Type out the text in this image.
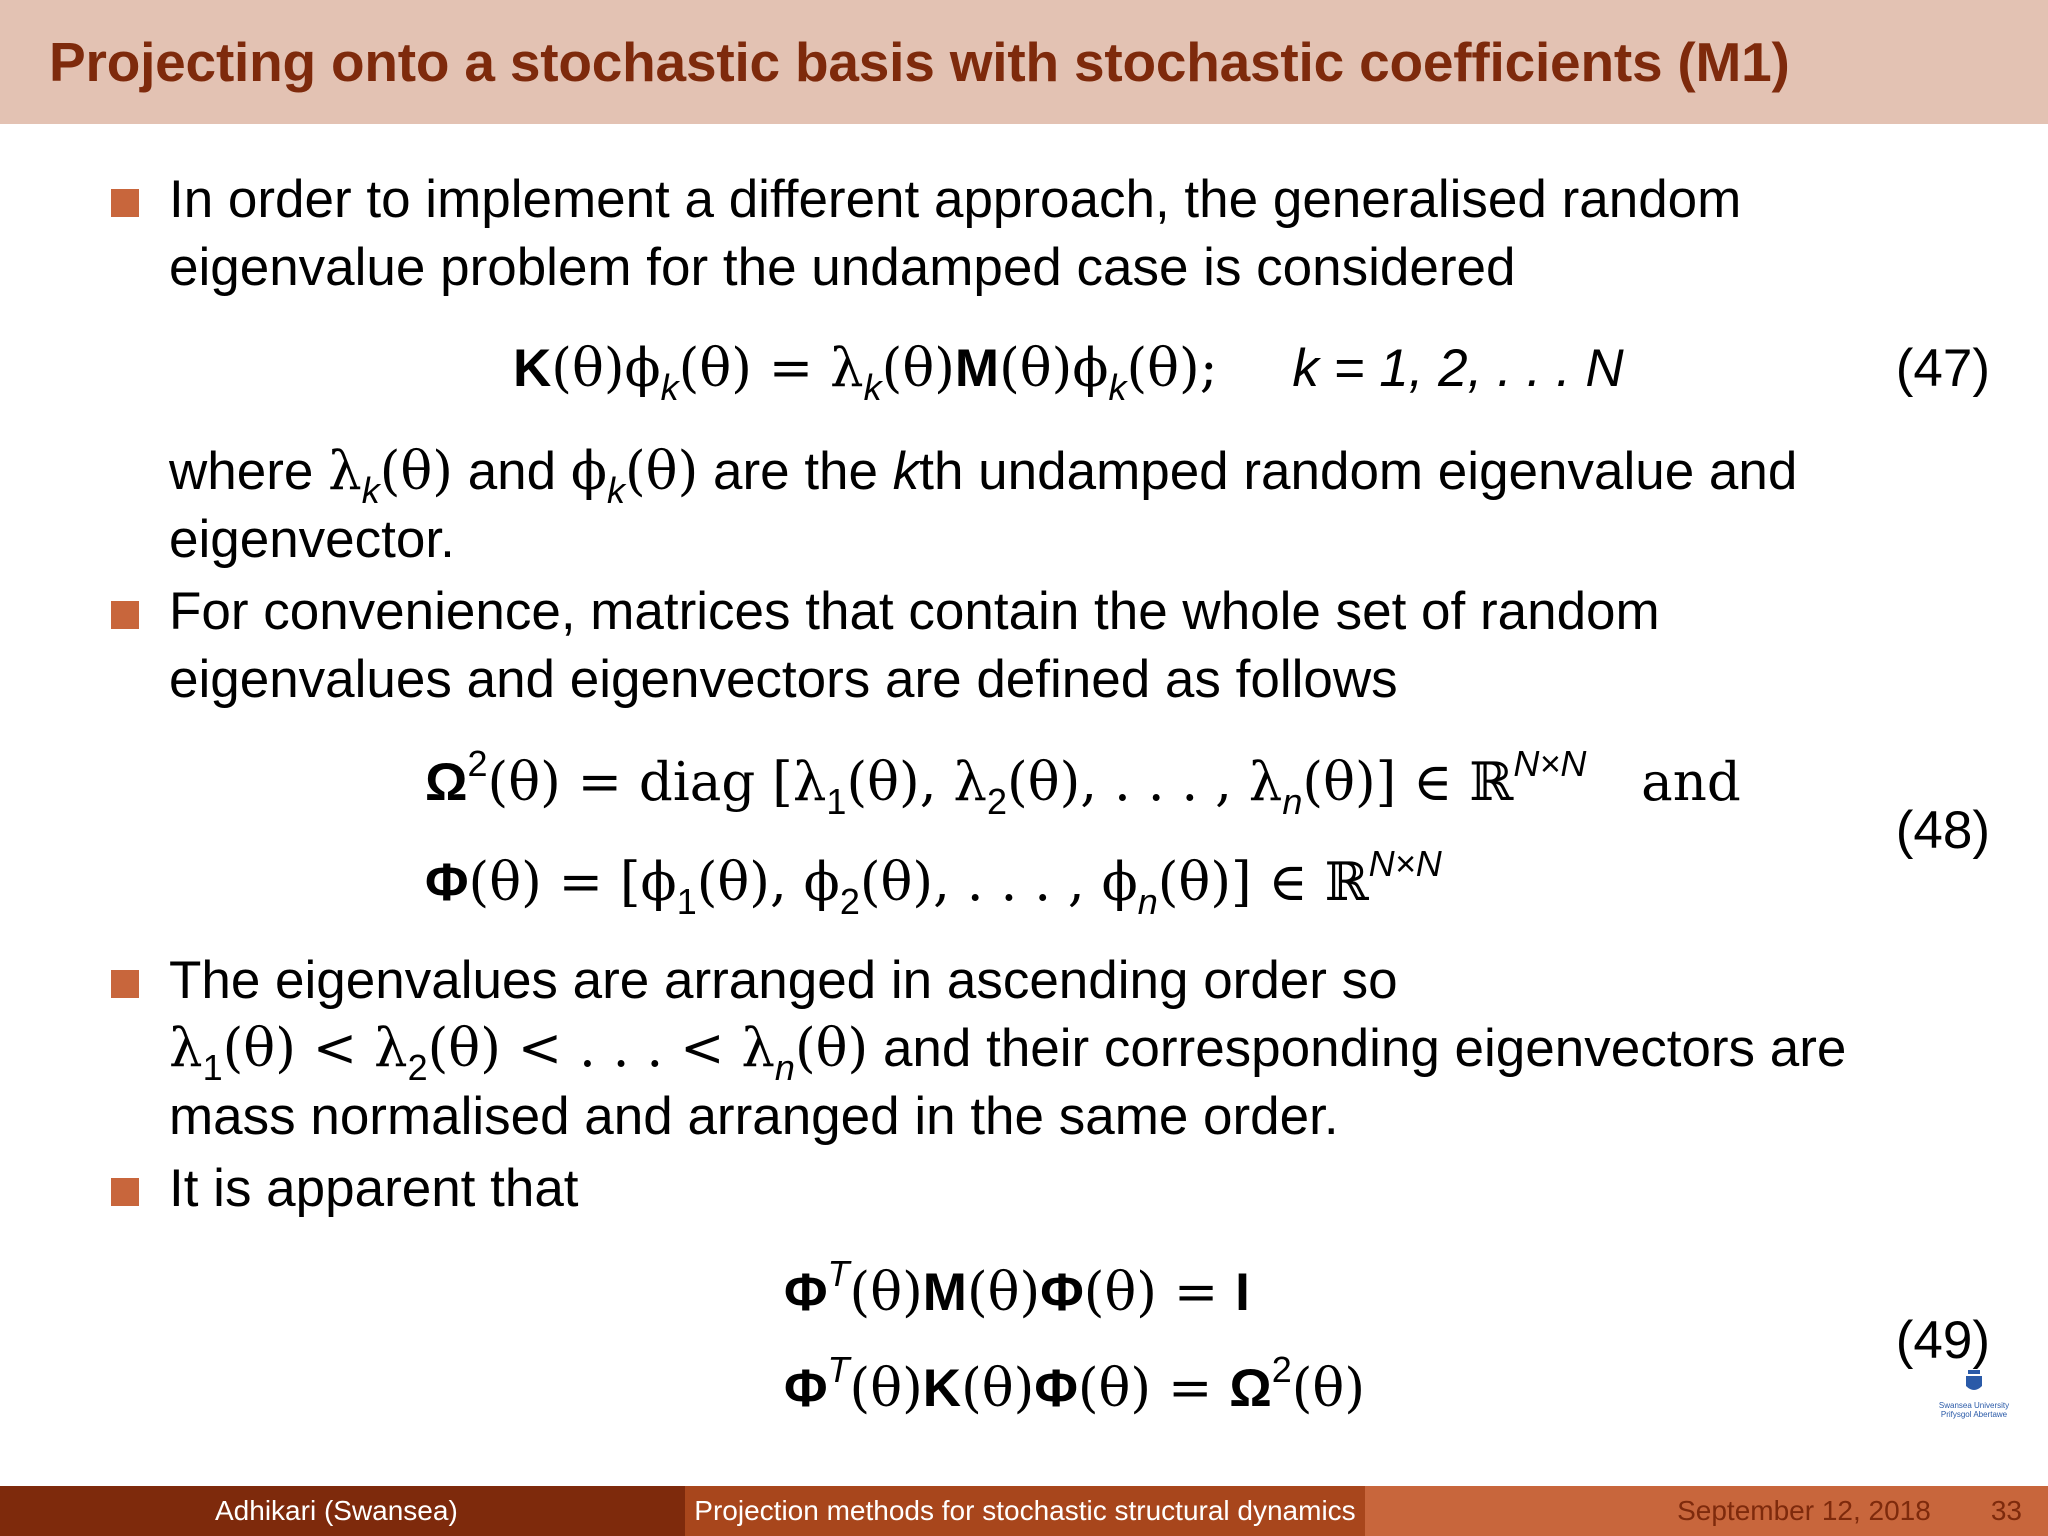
Projecting onto a stochastic basis with stochastic coefficients (M1)
In order to implement a different approach, the generalised random
eigenvalue problem for the undamped case is considered
$K(\theta)\phi_k(\theta) = \lambda_k(\theta)M(\theta)\phi_k(\theta)$; k = 1, 2, . . . N	(47)
where $\lambda_k(\theta)$ and $\phi_k(\theta)$ are the kth undamped random eigenvalue and
eigenvector.
For convenience, matrices that contain the whole set of random
eigenvalues and eigenvectors are defined as follows
$\Omega^2(\theta)$ = diag [$\lambda_1(\theta)$, $\lambda_2(\theta)$, . . . , $\lambda_n(\theta)$] ∈ ℝ$^{N\times N}$ and
$\Phi(\theta) = [\phi_1(\theta)$, $\phi_2(\theta)$, . . . , $\phi_n(\theta)$] ∈ ℝ$^{N\times N}$
(48)
The eigenvalues are arranged in ascending order so
$\lambda_1(\theta) < \lambda_2(\theta)$ < . . . < $\lambda_n(\theta)$ and their corresponding eigenvectors are
mass normalised and arranged in the same order.
It is apparent that
$\Phi^T(\theta)M(\theta)\Phi(\theta) = I$
$\Phi^T(\theta)K(\theta)\Phi(\theta) = \Omega^2(\theta)$
(49)
Swansea University
Prifysgol Abertawe
Adhikari (Swansea)	Projection methods for stochastic structural dynamics	September 12, 2018 33
